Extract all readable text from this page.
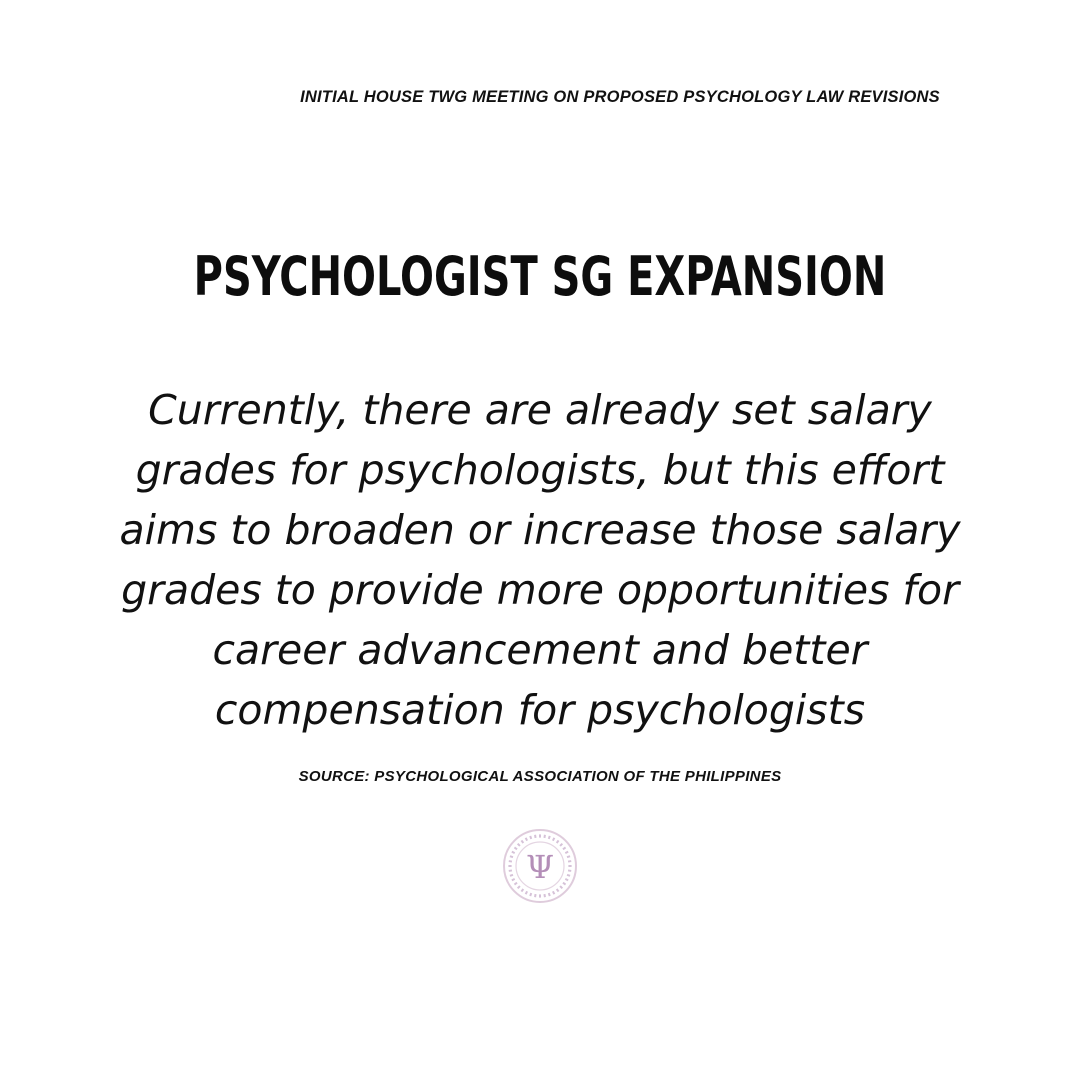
INITIAL HOUSE TWG MEETING ON PROPOSED PSYCHOLOGY LAW REVISIONS
PSYCHOLOGIST SG EXPANSION
Currently, there are already set salary
grades for psychologists, but this effort
aims to broaden or increase those salary
grades to provide more opportunities for
career advancement and better
compensation for psychologists
SOURCE: PSYCHOLOGICAL ASSOCIATION OF THE PHILIPPINES
Ψ
